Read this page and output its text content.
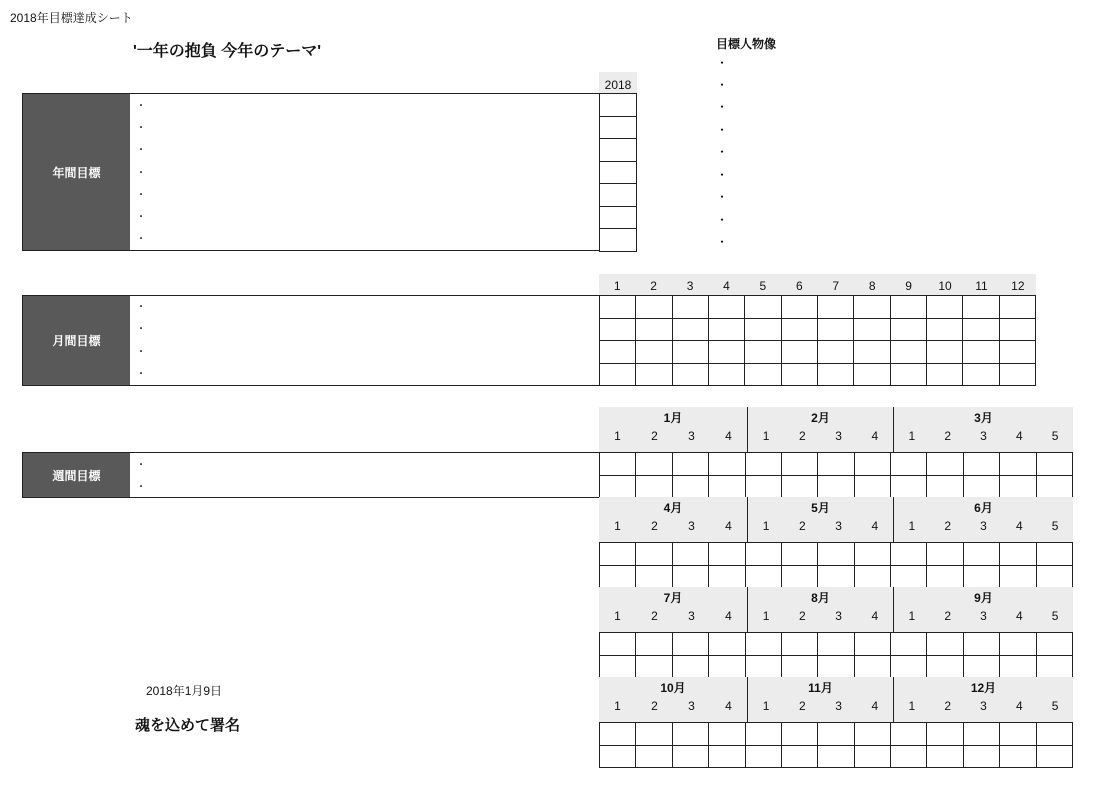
2018年目標達成シート
'一年の抱負 今年のテーマ'	目標人物像
・
・
・
・
・
・
・
・
・
年間目標
・
・
・
・
・
・
・
2018

月間目標
・
・
・
・
1	2	3	4	5	6	7	8	9	10	11	12

週間目標
・
・
1月
1	2	3	4
2月
1	2	3	4
3月
1	2	3	4	5

4月
1	2	3	4
5月
1	2	3	4
6月
1	2	3	4	5

7月
1	2	3	4
8月
1	2	3	4
9月
1	2	3	4	5

10月
1	2	3	4
11月
1	2	3	4
12月
1	2	3	4	5

2018年1月9日
魂を込めて署名
